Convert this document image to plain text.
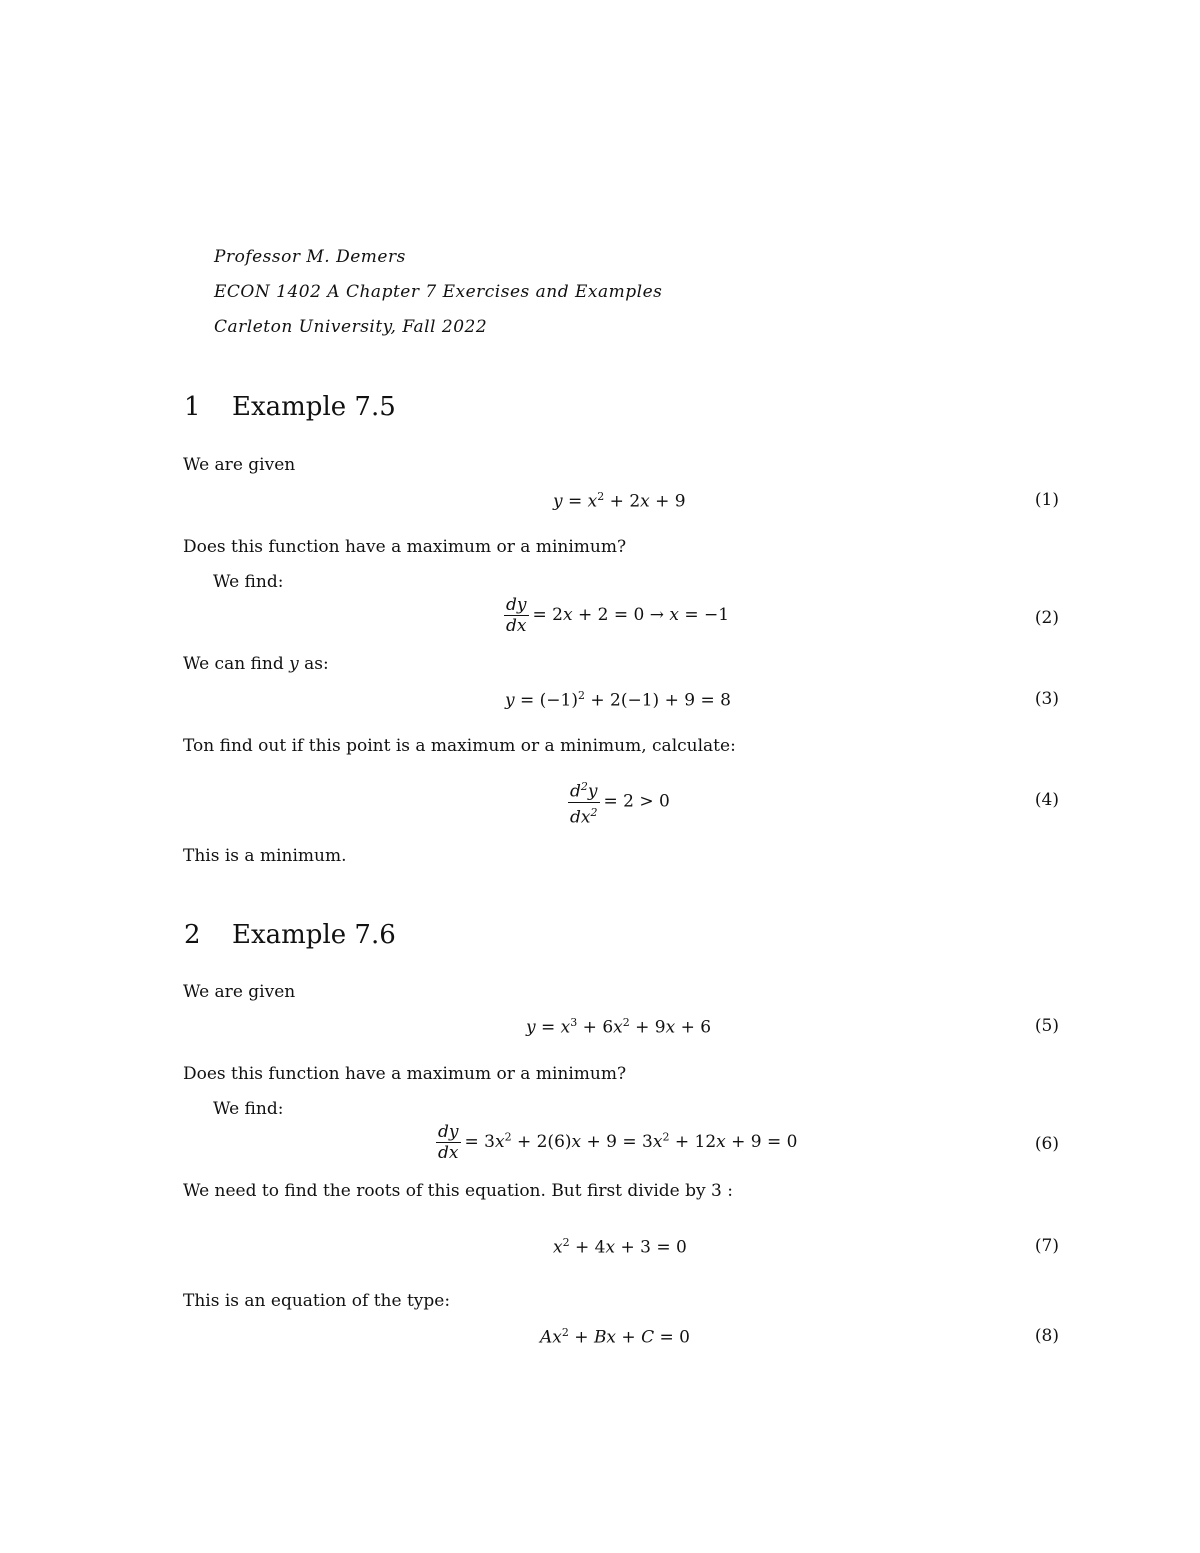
Professor M. Demers
ECON 1402 A Chapter 7 Exercises and Examples
Carleton University, Fall 2022
1 Example 7.5
We are given
$y = x^2 + 2x + 9$	(1)
Does this function have a maximum or a minimum?
We find:
$\frac{dy}{dx} = 2x + 2 = 0 \to x = -1$	(2)
We can find y as:
$y = (-1)^2 + 2(-1) + 9 = 8$	(3)
Ton find out if this point is a maximum or a minimum, calculate:
$\frac{d^2y}{dx^2} = 2 > 0$	(4)
This is a minimum.
2 Example 7.6
We are given
$y = x^3 + 6x^2 + 9x + 6$	(5)
Does this function have a maximum or a minimum?
We find:
$\frac{dy}{dx} = 3x^2 + 2(6)x + 9 = 3x^2 + 12x + 9 = 0$	(6)
We need to find the roots of this equation. But first divide by 3 :
$x^2 + 4x + 3 = 0$	(7)
This is an equation of the type:
$Ax^2 + Bx + C = 0$	(8)
